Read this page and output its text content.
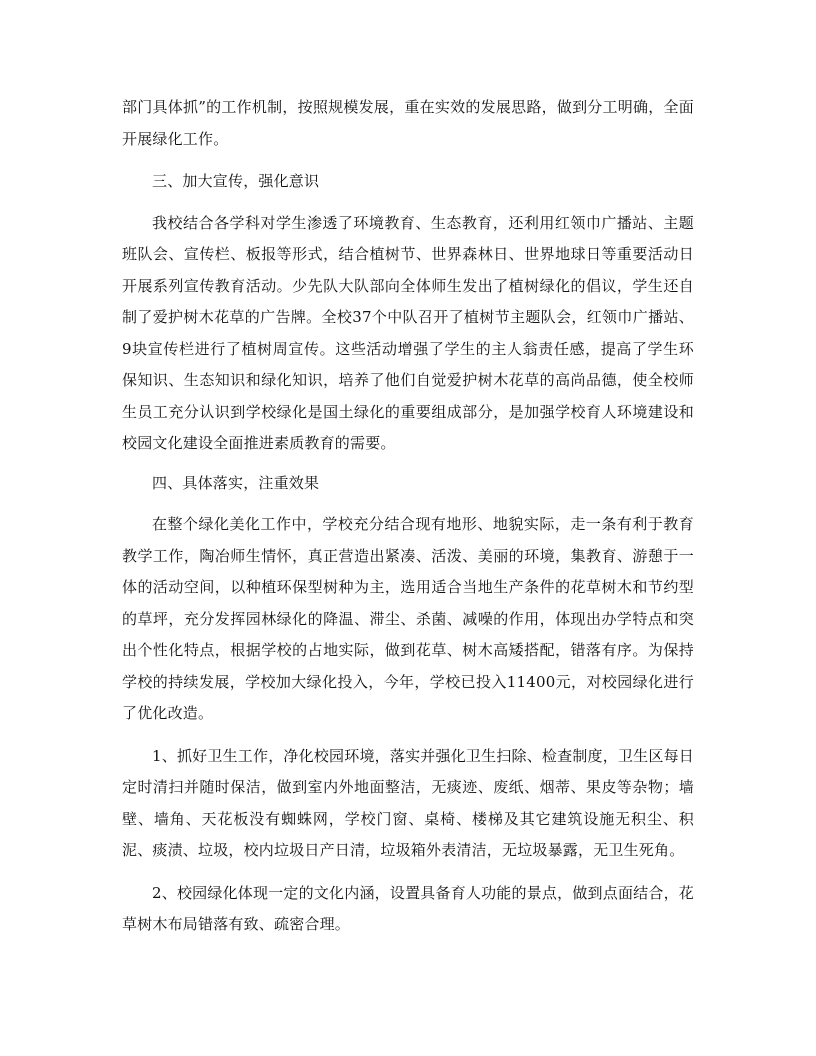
部门具体抓”的工作机制，按照规模发展，重在实效的发展思路，做到分工明确，全面开展绿化工作。

三、加大宣传，强化意识

我校结合各学科对学生渗透了环境教育、生态教育，还利用红领巾广播站、主题班队会、宣传栏、板报等形式，结合植树节、世界森林日、世界地球日等重要活动日开展系列宣传教育活动。少先队大队部向全体师生发出了植树绿化的倡议，学生还自制了爱护树木花草的广告牌。全校37个中队召开了植树节主题队会，红领巾广播站、9块宣传栏进行了植树周宣传。这些活动增强了学生的主人翁责任感，提高了学生环保知识、生态知识和绿化知识，培养了他们自觉爱护树木花草的高尚品德，使全校师生员工充分认识到学校绿化是国土绿化的重要组成部分，是加强学校育人环境建设和校园文化建设全面推进素质教育的需要。

四、具体落实，注重效果

在整个绿化美化工作中，学校充分结合现有地形、地貌实际，走一条有利于教育教学工作，陶冶师生情怀，真正营造出紧凑、活泼、美丽的环境，集教育、游憩于一体的活动空间，以种植环保型树种为主，选用适合当地生产条件的花草树木和节约型的草坪，充分发挥园林绿化的降温、滞尘、杀菌、减噪的作用，体现出办学特点和突出个性化特点，根据学校的占地实际，做到花草、树木高矮搭配，错落有序。为保持学校的持续发展，学校加大绿化投入，今年，学校已投入11400元，对校园绿化进行了优化改造。

1、抓好卫生工作，净化校园环境，落实并强化卫生扫除、检查制度，卫生区每日定时清扫并随时保洁，做到室内外地面整洁，无痰迹、废纸、烟蒂、果皮等杂物；墙壁、墙角、天花板没有蜘蛛网，学校门窗、桌椅、楼梯及其它建筑设施无积尘、积泥、痰渍、垃圾，校内垃圾日产日清，垃圾箱外表清洁，无垃圾暴露，无卫生死角。

2、校园绿化体现一定的文化内涵，设置具备育人功能的景点，做到点面结合，花草树木布局错落有致、疏密合理。
